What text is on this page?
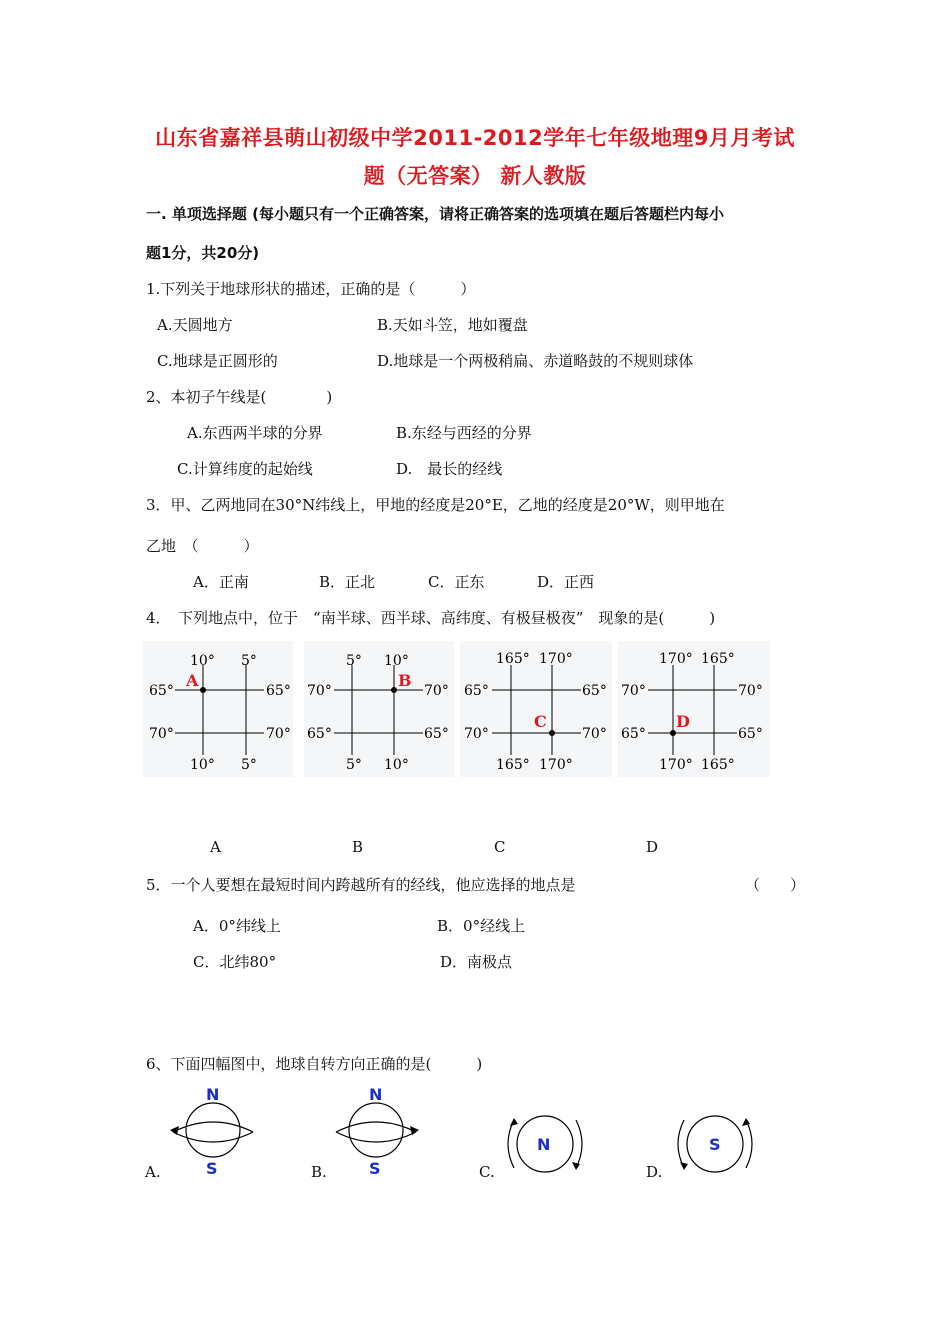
山东省嘉祥县萌山初级中学2011-2012学年七年级地理9月月考试
题（无答案） 新人教版
一. 单项选择题 (每小题只有一个正确答案，请将正确答案的选项填在题后答题栏内每小
题1分，共20分)
1.下列关于地球形状的描述，正确的是（　　　）
A.天圆地方	B.天如斗笠，地如覆盘
C.地球是正圆形的	D.地球是一个两极稍扁、赤道略鼓的不规则球体
2、本初子午线是(　　　　)
A.东西两半球的分界	B.东经与西经的分界
C.计算纬度的起始线	D.　最长的经线
3．甲、乙两地同在30°N纬线上，甲地的经度是20°E，乙地的经度是20°W，则甲地在
乙地　（　　　）
A．正南	B．正北	C．正东	D．正西
4．　下列地点中，位于　“南半球、西半球、高纬度、有极昼极夜”　现象的是(　　　)
10° 5°
10° 5°
65°	65°
70°	70°
A
5° 10°
5° 10°
70°	70°
65°	65°
B
165° 170°
165° 170°
65°	65°
70°	70°
C
170° 165°
170° 165°
70°	70°
65°	65°
D
A	B	C	D
5．一个人要想在最短时间内跨越所有的经线，他应选择的地点是	（　　）
A．0°纬线上	B．0°经线上
C．北纬80°	D．南极点
6、下面四幅图中，地球自转方向正确的是(　　　)
N
S
A.
N
S
B.
N
C.
S
D.
